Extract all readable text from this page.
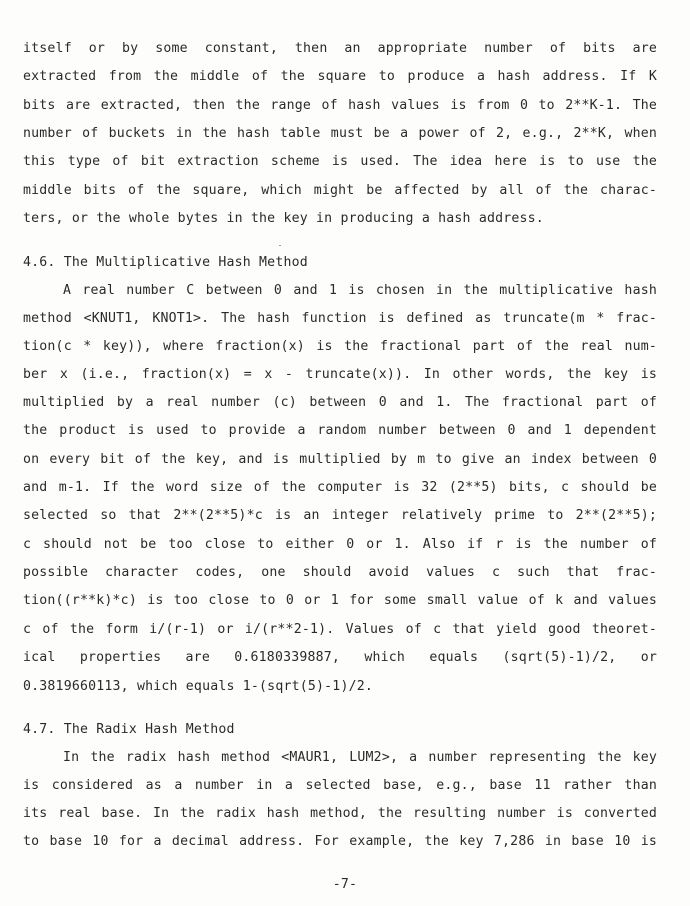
itself or by some constant, then an appropriate number of bits are
extracted from the middle of the square to produce a hash address. If K
bits are extracted, then the range of hash values is from 0 to 2**K-1. The
number of buckets in the hash table must be a power of 2, e.g., 2**K, when
this type of bit extraction scheme is used. The idea here is to use the
middle bits of the square, which might be affected by all of the charac-
ters, or the whole bytes in the key in producing a hash address.
4.6. The Multiplicative Hash Method
A real number C between 0 and 1 is chosen in the multiplicative hash
method <KNUT1, KNOT1>. The hash function is defined as truncate(m * frac-
tion(c * key)), where fraction(x) is the fractional part of the real num-
ber x (i.e., fraction(x) = x - truncate(x)). In other words, the key is
multiplied by a real number (c) between 0 and 1. The fractional part of
the product is used to provide a random number between 0 and 1 dependent
on every bit of the key, and is multiplied by m to give an index between 0
and m-1. If the word size of the computer is 32 (2**5) bits, c should be
selected so that 2**(2**5)*c is an integer relatively prime to 2**(2**5);
c should not be too close to either 0 or 1. Also if r is the number of
possible character codes, one should avoid values c such that frac-
tion((r**k)*c) is too close to 0 or 1 for some small value of k and values
c of the form i/(r-1) or i/(r**2-1). Values of c that yield good theoret-
ical properties are 0.6180339887, which equals (sqrt(5)-1)/2, or
0.3819660113, which equals 1-(sqrt(5)-1)/2.
4.7. The Radix Hash Method
In the radix hash method <MAUR1, LUM2>, a number representing the key
is considered as a number in a selected base, e.g., base 11 rather than
its real base. In the radix hash method, the resulting number is converted
to base 10 for a decimal address. For example, the key 7,286 in base 10 is
-7-
